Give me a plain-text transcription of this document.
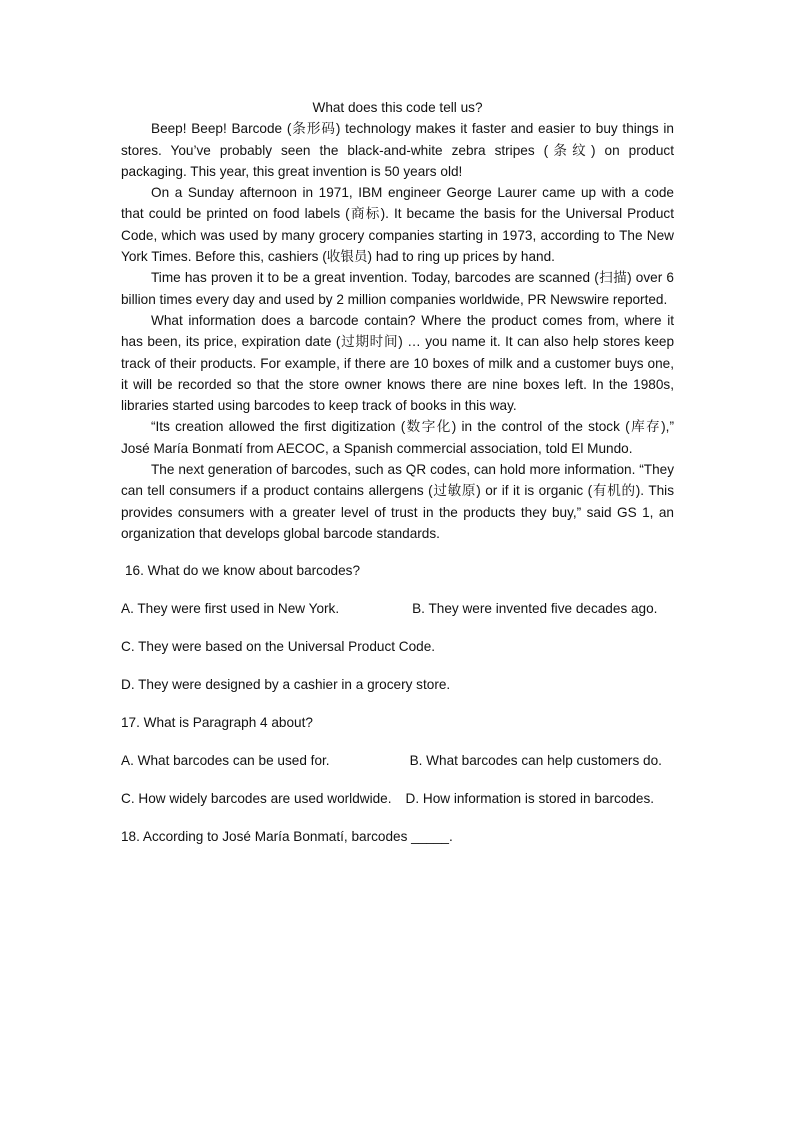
What does this code tell us?

Beep! Beep! Barcode (条形码) technology makes it faster and easier to buy things in stores. You’ve probably seen the black-and-white zebra stripes (条纹) on product packaging. This year, this great invention is 50 years old!

On a Sunday afternoon in 1971, IBM engineer George Laurer came up with a code that could be printed on food labels (商标). It became the basis for the Universal Product Code, which was used by many grocery companies starting in 1973, according to The New York Times. Before this, cashiers (收银员) had to ring up prices by hand.

Time has proven it to be a great invention. Today, barcodes are scanned (扫描) over 6 billion times every day and used by 2 million companies worldwide, PR Newswire reported.

What information does a barcode contain? Where the product comes from, where it has been, its price, expiration date (过期时间) … you name it. It can also help stores keep track of their products. For example, if there are 10 boxes of milk and a customer buys one, it will be recorded so that the store owner knows there are nine boxes left. In the 1980s, libraries started using barcodes to keep track of books in this way.

“Its creation allowed the first digitization (数字化) in the control of the stock (库存),” José María Bonmatí from AECOC, a Spanish commercial association, told El Mundo.

The next generation of barcodes, such as QR codes, can hold more information. “They can tell consumers if a product contains allergens (过敏原) or if it is organic (有机的). This provides consumers with a greater level of trust in the products they buy,” said GS 1, an organization that develops global barcode standards.

16. What do we know about barcodes?

A. They were first used in New York.	B. They were invented five decades ago.

C. They were based on the Universal Product Code.

D. They were designed by a cashier in a grocery store.

17. What is Paragraph 4 about?

A. What barcodes can be used for.	B. What barcodes can help customers do.

C. How widely barcodes are used worldwide. D. How information is stored in barcodes.

18. According to José María Bonmatí, barcodes _____.
